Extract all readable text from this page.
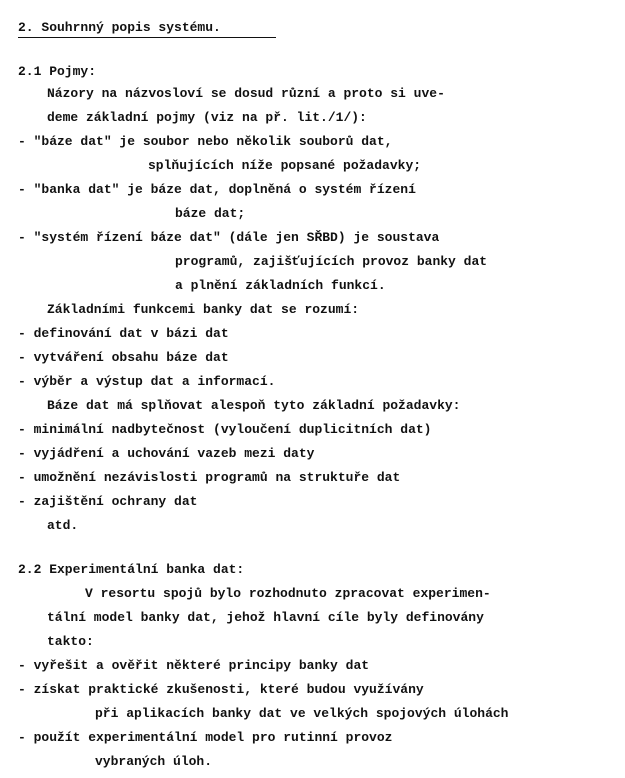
2. Souhrnný popis systému.
2.1 Pojmy:
Názory na názvosloví se dosud různí a proto si uve-
deme základní pojmy (viz na př. lit./1/):
- "báze dat" je soubor nebo několik souborů dat,
splňujících níže popsané požadavky;
- "banka dat" je báze dat, doplněná o systém řízení
báze dat;
- "systém řízení báze dat" (dále jen SŘBD) je soustava
programů, zajišťujících provoz banky dat
a plnění základních funkcí.
Základními funkcemi banky dat se rozumí:
- definování dat v bázi dat
- vytváření obsahu báze dat
- výběr a výstup dat a informací.
Báze dat má splňovat alespoň tyto základní požadavky:
- minimální nadbytečnost (vyloučení duplicitních dat)
- vyjádření a uchování vazeb mezi daty
- umožnění nezávislosti programů na struktuře dat
- zajištění ochrany dat
atd.
2.2 Experimentální banka dat:
V resortu spojů bylo rozhodnuto zpracovat experimen-
tální model banky dat, jehož hlavní cíle byly definovány
takto:
- vyřešit a ověřit některé principy banky dat
- získat praktické zkušenosti, které budou využívány
při aplikacích banky dat ve velkých spojových úlohách
- použít experimentální model pro rutinní provoz
vybraných úloh.
